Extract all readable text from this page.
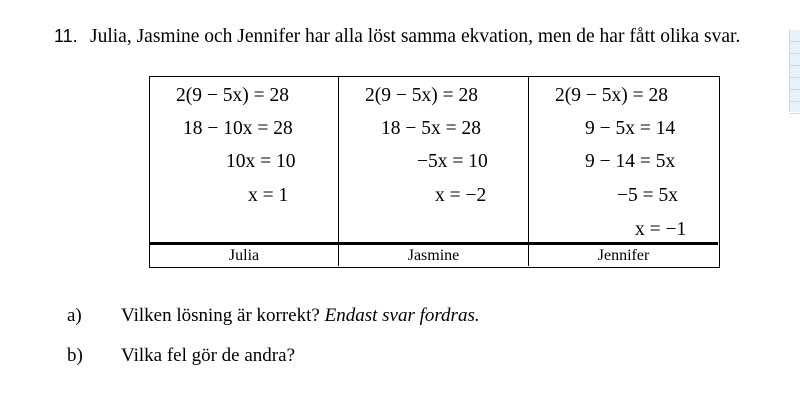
11. Julia, Jasmine och Jennifer har alla löst samma ekvation, men de har fått olika svar.
2(9 − 5x) = 28
18 − 10x = 28
10x = 10
x = 1
2(9 − 5x) = 28
18 − 5x = 28
−5x = 10
x = −2
2(9 − 5x) = 28
9 − 5x = 14
9 − 14 = 5x
−5 = 5x
x = −1
Julia	Jasmine	Jennifer
a) Vilken lösning är korrekt? Endast svar fordras.
b) Vilka fel gör de andra?
